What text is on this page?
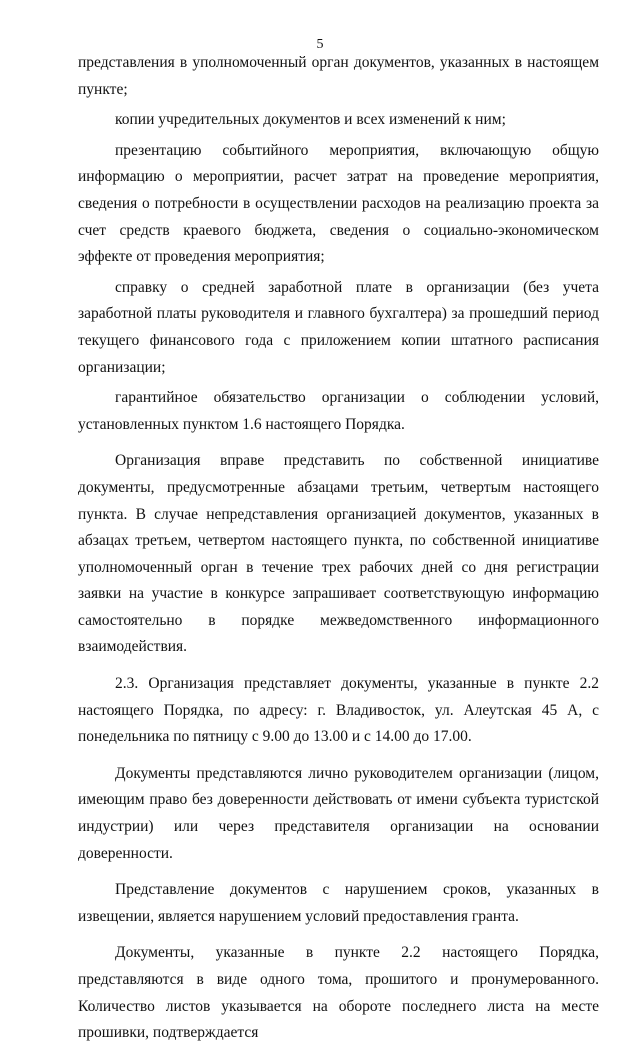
5

представления в уполномоченный орган документов, указанных в настоящем пункте;

копии учредительных документов и всех изменений к ним;

презентацию событийного мероприятия, включающую общую информацию о мероприятии, расчет затрат на проведение мероприятия, сведения о потребности в осуществлении расходов на реализацию проекта за счет средств краевого бюджета, сведения о социально-экономическом эффекте от проведения мероприятия;

справку о средней заработной плате в организации (без учета заработной платы руководителя и главного бухгалтера) за прошедший период текущего финансового года с приложением копии штатного расписания организации;

гарантийное обязательство организации о соблюдении условий, установленных пунктом 1.6 настоящего Порядка.

Организация вправе представить по собственной инициативе документы, предусмотренные абзацами третьим, четвертым настоящего пункта. В случае непредставления организацией документов, указанных в абзацах третьем, четвертом настоящего пункта, по собственной инициативе уполномоченный орган в течение трех рабочих дней со дня регистрации заявки на участие в конкурсе запрашивает соответствующую информацию самостоятельно в порядке межведомственного информационного взаимодействия.

2.3. Организация представляет документы, указанные в пункте 2.2 настоящего Порядка, по адресу: г. Владивосток, ул. Алеутская 45 А, с понедельника по пятницу с 9.00 до 13.00 и с 14.00 до 17.00.

Документы представляются лично руководителем организации (лицом, имеющим право без доверенности действовать от имени субъекта туристской индустрии) или через представителя организации на основании доверенности.

Представление документов с нарушением сроков, указанных в извещении, является нарушением условий предоставления гранта.

Документы, указанные в пункте 2.2 настоящего Порядка, представляются в виде одного тома, прошитого и пронумерованного. Количество листов указывается на обороте последнего листа на месте прошивки, подтверждается
